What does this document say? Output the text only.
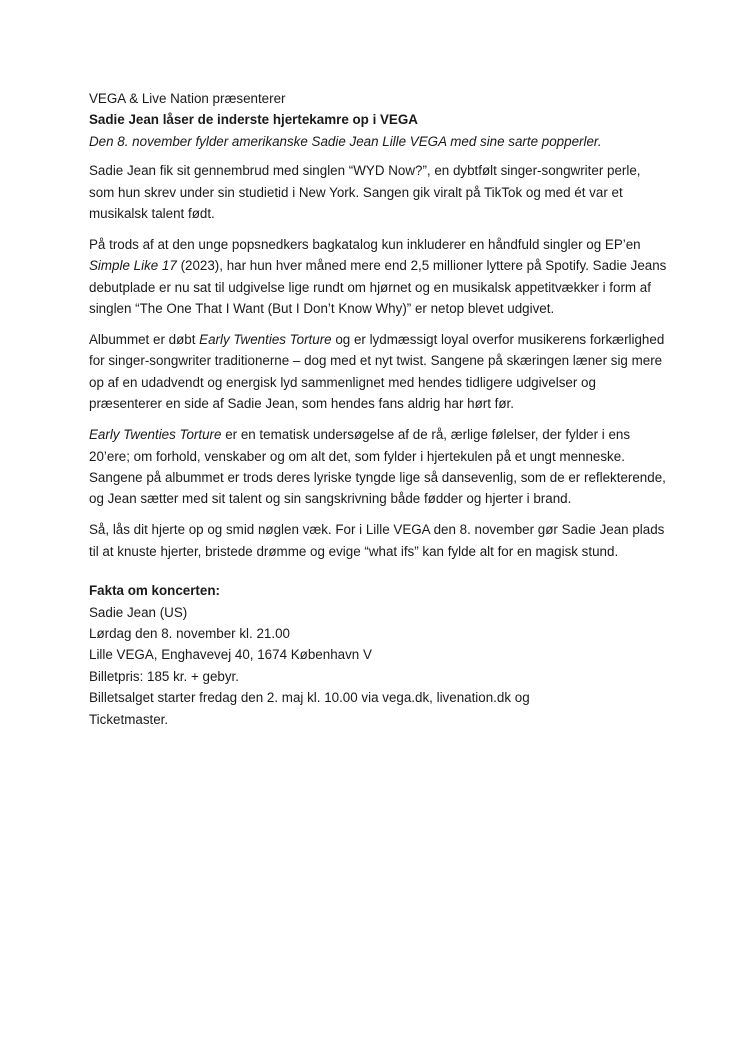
VEGA & Live Nation præsenterer
Sadie Jean låser de inderste hjertekamre op i VEGA
Den 8. november fylder amerikanske Sadie Jean Lille VEGA med sine sarte popperler.

Sadie Jean fik sit gennembrud med singlen “WYD Now?”, en dybtfølt singer-songwriter perle, som hun skrev under sin studietid i New York. Sangen gik viralt på TikTok og med ét var et musikalsk talent født.

På trods af at den unge popsnedkers bagkatalog kun inkluderer en håndfuld singler og EP’en Simple Like 17 (2023), har hun hver måned mere end 2,5 millioner lyttere på Spotify. Sadie Jeans debutplade er nu sat til udgivelse lige rundt om hjørnet og en musikalsk appetitvækker i form af singlen “The One That I Want (But I Don’t Know Why)” er netop blevet udgivet.

Albummet er døbt Early Twenties Torture og er lydmæssigt loyal overfor musikerens forkærlighed for singer-songwriter traditionerne – dog med et nyt twist. Sangene på skæringen læner sig mere op af en udadvendt og energisk lyd sammenlignet med hendes tidligere udgivelser og præsenterer en side af Sadie Jean, som hendes fans aldrig har hørt før.

Early Twenties Torture er en tematisk undersøgelse af de rå, ærlige følelser, der fylder i ens 20’ere; om forhold, venskaber og om alt det, som fylder i hjertekulen på et ungt menneske. Sangene på albummet er trods deres lyriske tyngde lige så dansevenlig, som de er reflekterende, og Jean sætter med sit talent og sin sangskrivning både fødder og hjerter i brand.

Så, lås dit hjerte op og smid nøglen væk. For i Lille VEGA den 8. november gør Sadie Jean plads til at knuste hjerter, bristede drømme og evige “what ifs” kan fylde alt for en magisk stund.

Fakta om koncerten:
Sadie Jean (US)
Lørdag den 8. november kl. 21.00
Lille VEGA, Enghavevej 40, 1674 København V
Billetpris: 185 kr. + gebyr.
Billetsalget starter fredag den 2. maj kl. 10.00 via vega.dk, livenation.dk og
Ticketmaster.
